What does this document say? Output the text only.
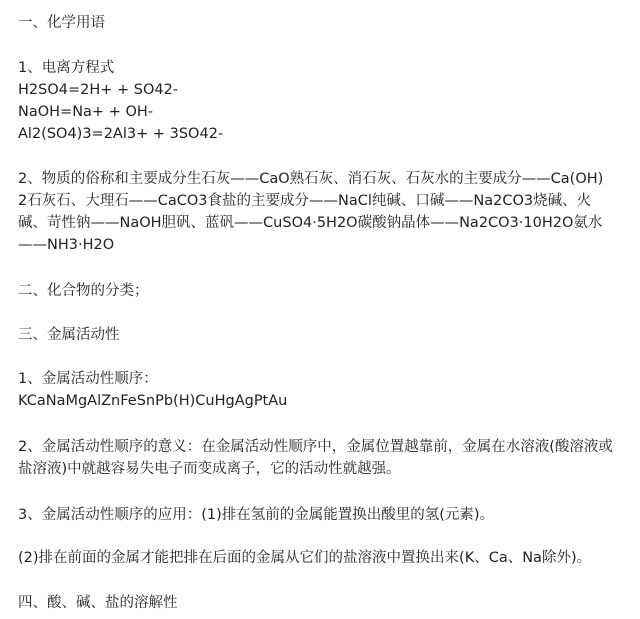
一、化学用语
1、电离方程式
H2SO4=2H+ + SO42-
NaOH=Na+ + OH-
Al2(SO4)3=2Al3+ + 3SO42-
2、物质的俗称和主要成分生石灰——CaO熟石灰、消石灰、石灰水的主要成分——Ca(OH)
2石灰石、大理石——CaCO3食盐的主要成分——NaCl纯碱、口碱——Na2CO3烧碱、火
碱、苛性钠——NaOH胆矾、蓝矾——CuSO4·5H2O碳酸钠晶体——Na2CO3·10H2O氨水
——NH3·H2O
二、化合物的分类；
三、金属活动性
1、金属活动性顺序：
KCaNaMgAlZnFeSnPb(H)CuHgAgPtAu
2、金属活动性顺序的意义：在金属活动性顺序中，金属位置越靠前，金属在水溶液(酸溶液或
盐溶液)中就越容易失电子而变成离子，它的活动性就越强。
3、金属活动性顺序的应用：(1)排在氢前的金属能置换出酸里的氢(元素)。
(2)排在前面的金属才能把排在后面的金属从它们的盐溶液中置换出来(K、Ca、Na除外)。
四、酸、碱、盐的溶解性
